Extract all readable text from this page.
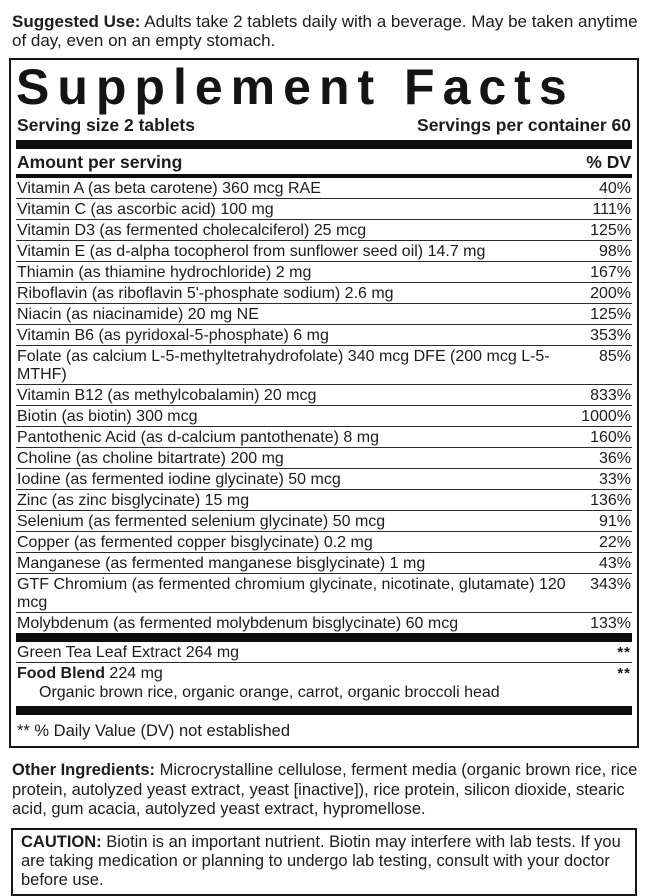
Suggested Use: Adults take 2 tablets daily with a beverage. May be taken anytime of day, even on an empty stomach.

Supplement Facts
Serving size 2 tablets	Servings per container 60
Amount per serving	% DV
Vitamin A (as beta carotene) 360 mcg RAE	40%
Vitamin C (as ascorbic acid) 100 mg	111%
Vitamin D3 (as fermented cholecalciferol) 25 mcg	125%
Vitamin E (as d-alpha tocopherol from sunflower seed oil) 14.7 mg	98%
Thiamin (as thiamine hydrochloride) 2 mg	167%
Riboflavin (as riboflavin 5'-phosphate sodium) 2.6 mg	200%
Niacin (as niacinamide) 20 mg NE	125%
Vitamin B6 (as pyridoxal-5-phosphate) 6 mg	353%
Folate (as calcium L-5-methyltetrahydrofolate) 340 mcg DFE (200 mcg L-5-MTHF)
85%
Vitamin B12 (as methylcobalamin) 20 mcg	833%
Biotin (as biotin) 300 mcg	1000%
Pantothenic Acid (as d-calcium pantothenate) 8 mg	160%
Choline (as choline bitartrate) 200 mg	36%
Iodine (as fermented iodine glycinate) 50 mcg	33%
Zinc (as zinc bisglycinate) 15 mg	136%
Selenium (as fermented selenium glycinate) 50 mcg	91%
Copper (as fermented copper bisglycinate) 0.2 mg	22%
Manganese (as fermented manganese bisglycinate) 1 mg	43%
GTF Chromium (as fermented chromium glycinate, nicotinate, glutamate) 120 mcg
343%
Molybdenum (as fermented molybdenum bisglycinate) 60 mcg	133%
Green Tea Leaf Extract 264 mg	**
Food Blend 224 mg	**
Organic brown rice, organic orange, carrot, organic broccoli head
** % Daily Value (DV) not established

Other Ingredients: Microcrystalline cellulose, ferment media (organic brown rice, rice protein, autolyzed yeast extract, yeast [inactive]), rice protein, silicon dioxide, stearic acid, gum acacia, autolyzed yeast extract, hypromellose.

CAUTION: Biotin is an important nutrient. Biotin may interfere with lab tests. If you are taking medication or planning to undergo lab testing, consult with your doctor before use.
